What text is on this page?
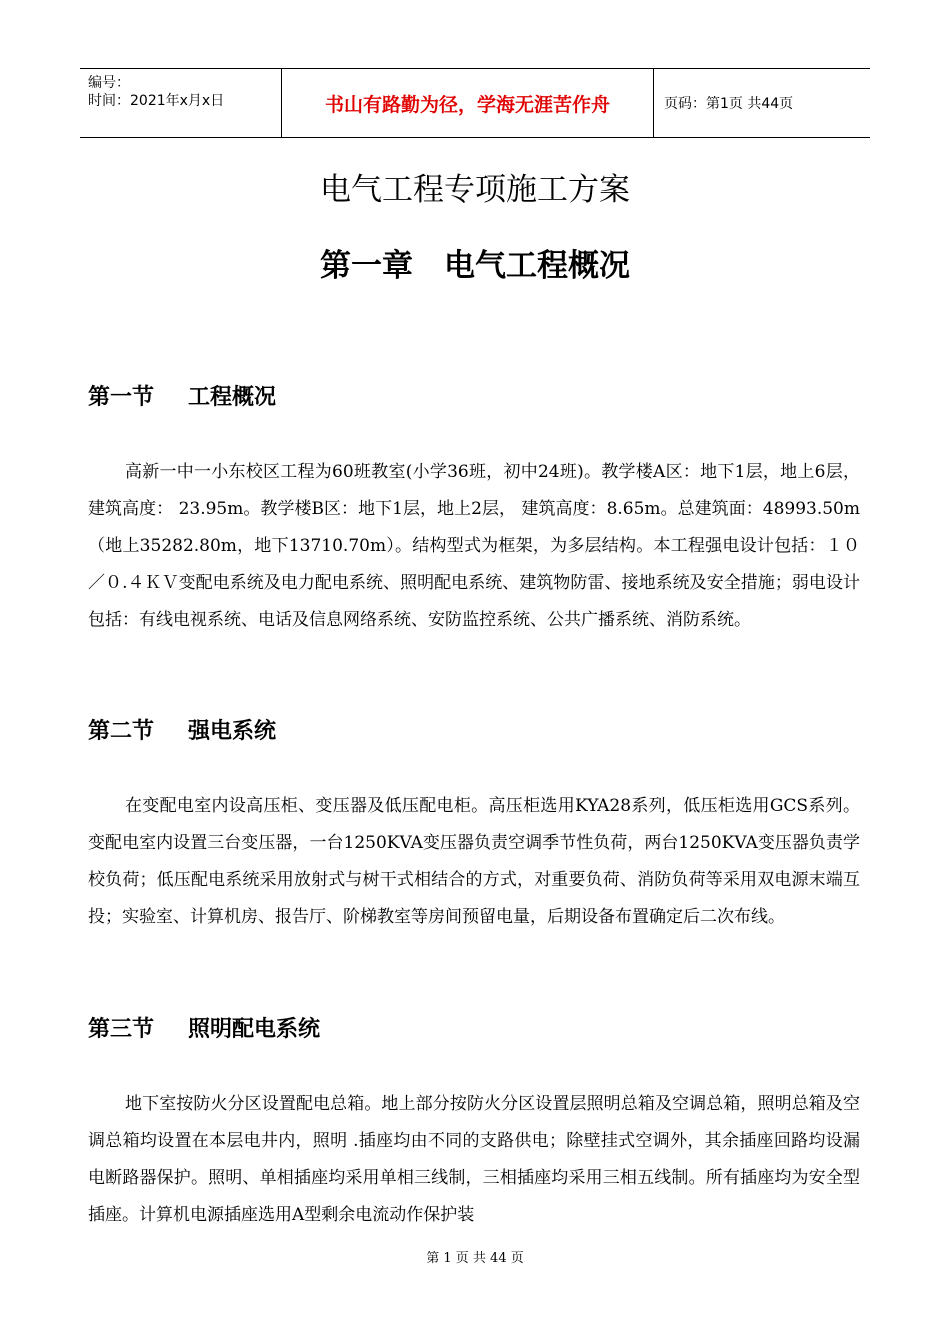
编号：
时间：2021年x月x日	书山有路勤为径，学海无涯苦作舟	页码：第1页 共44页
电气工程专项施工方案
第一章　电气工程概况
第一节 工程概况

高新一中一小东校区工程为60班教室(小学36班，初中24班)。教学楼A区：地下1层，地上6层， 建筑高度： 23.95m。教学楼B区：地下1层，地上2层， 建筑高度：8.65m。总建筑面：48993.50m（地上35282.80m，地下13710.70m）。结构型式为框架，为多层结构。本工程强电设计包括：１０／０.４ＫＶ变配电系统及电力配电系统、照明配电系统、建筑物防雷、接地系统及安全措施；弱电设计包括：有线电视系统、电话及信息网络系统、安防监控系统、公共广播系统、消防系统。

第二节 强电系统

在变配电室内设高压柜、变压器及低压配电柜。高压柜选用KYA28系列，低压柜选用GCS系列。变配电室内设置三台变压器，一台1250KVA变压器负责空调季节性负荷，两台1250KVA变压器负责学校负荷；低压配电系统采用放射式与树干式相结合的方式，对重要负荷、消防负荷等采用双电源末端互投；实验室、计算机房、报告厅、阶梯教室等房间预留电量，后期设备布置确定后二次布线。

第三节 照明配电系统

地下室按防火分区设置配电总箱。地上部分按防火分区设置层照明总箱及空调总箱，照明总箱及空调总箱均设置在本层电井内，照明 .插座均由不同的支路供电；除壁挂式空调外，其余插座回路均设漏电断路器保护。照明、单相插座均采用单相三线制，三相插座均采用三相五线制。所有插座均为安全型插座。计算机电源插座选用A型剩余电流动作保护装

第 1 页 共 44 页
